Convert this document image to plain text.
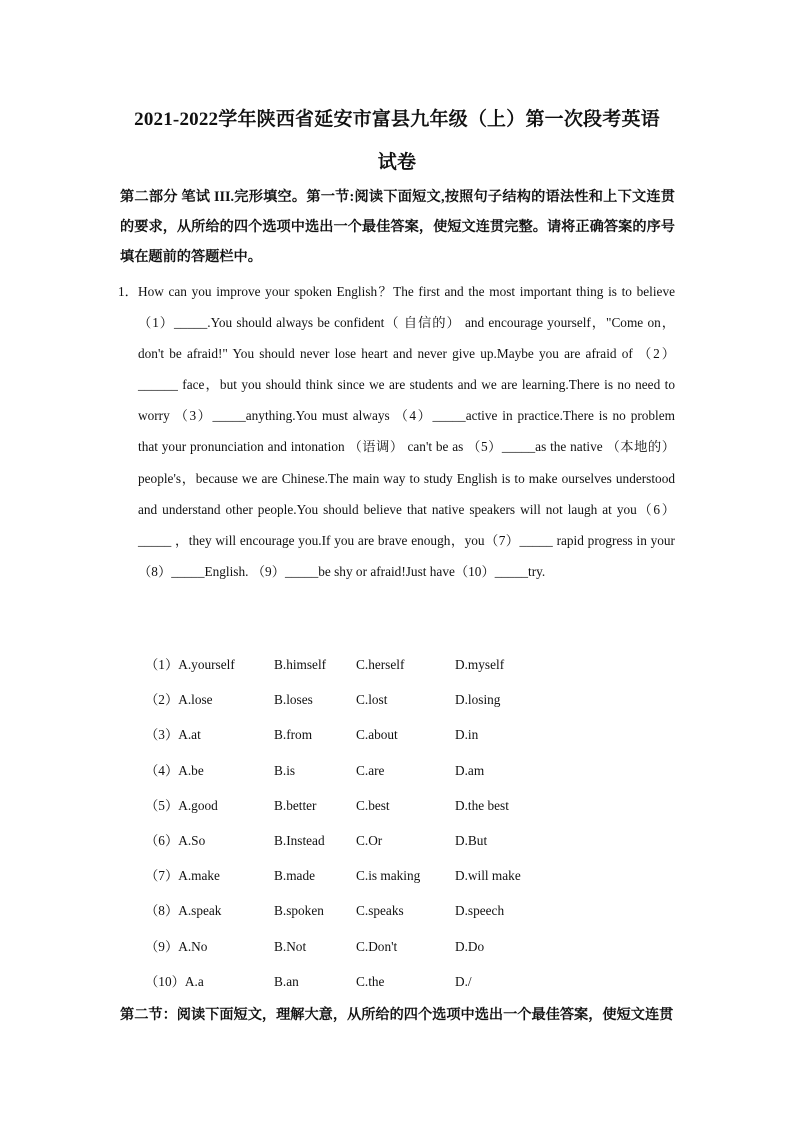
2021-2022学年陕西省延安市富县九年级（上）第一次段考英语
试卷
第二部分 笔试 III.完形填空。第一节:阅读下面短文,按照句子结构的语法性和上下文连贯的要求，从所给的四个选项中选出一个最佳答案，使短文连贯完整。请将正确答案的序号填在题前的答题栏中。
1． How can you improve your spoken English？The first and the most important thing is to believe （1）_____.You should always be confident（ 自信的） and encourage yourself，"Come on，don't be afraid!" You should never lose heart and never give up.Maybe you are afraid of （2）______ face，but you should think since we are students and we are learning.There is no need to worry （3）_____anything.You must always （4）_____active in practice.There is no problem that your pronunciation and intonation （语调） can't be as （5）_____as the native （本地的） people's，because we are Chinese.The main way to study English is to make ourselves understood and understand other people.You should believe that native speakers will not laugh at you（6）_____ ，they will encourage you.If you are brave enough，you（7）_____ rapid progress in your（8）_____English. （9）_____be shy or afraid!Just have（10）_____try.
（1）A.yourself	B.himself C.herself	D.myself
（2）A.lose	B.loses	C.lost	D.losing
（3）A.at	B.from	C.about	D.in
（4）A.be	B.is	C.are	D.am
（5）A.good	B.better	C.best	D.the best
（6）A.So	B.Instead C.Or	D.But
（7）A.make	B.made	C.is making	D.will make
（8）A.speak	B.spoken C.speaks	D.speech
（9）A.No	B.Not	C.Don't	D.Do
（10）A.a	B.an	C.the	D./
第二节：阅读下面短文，理解大意，从所给的四个选项中选出一个最佳答案，使短文连贯
